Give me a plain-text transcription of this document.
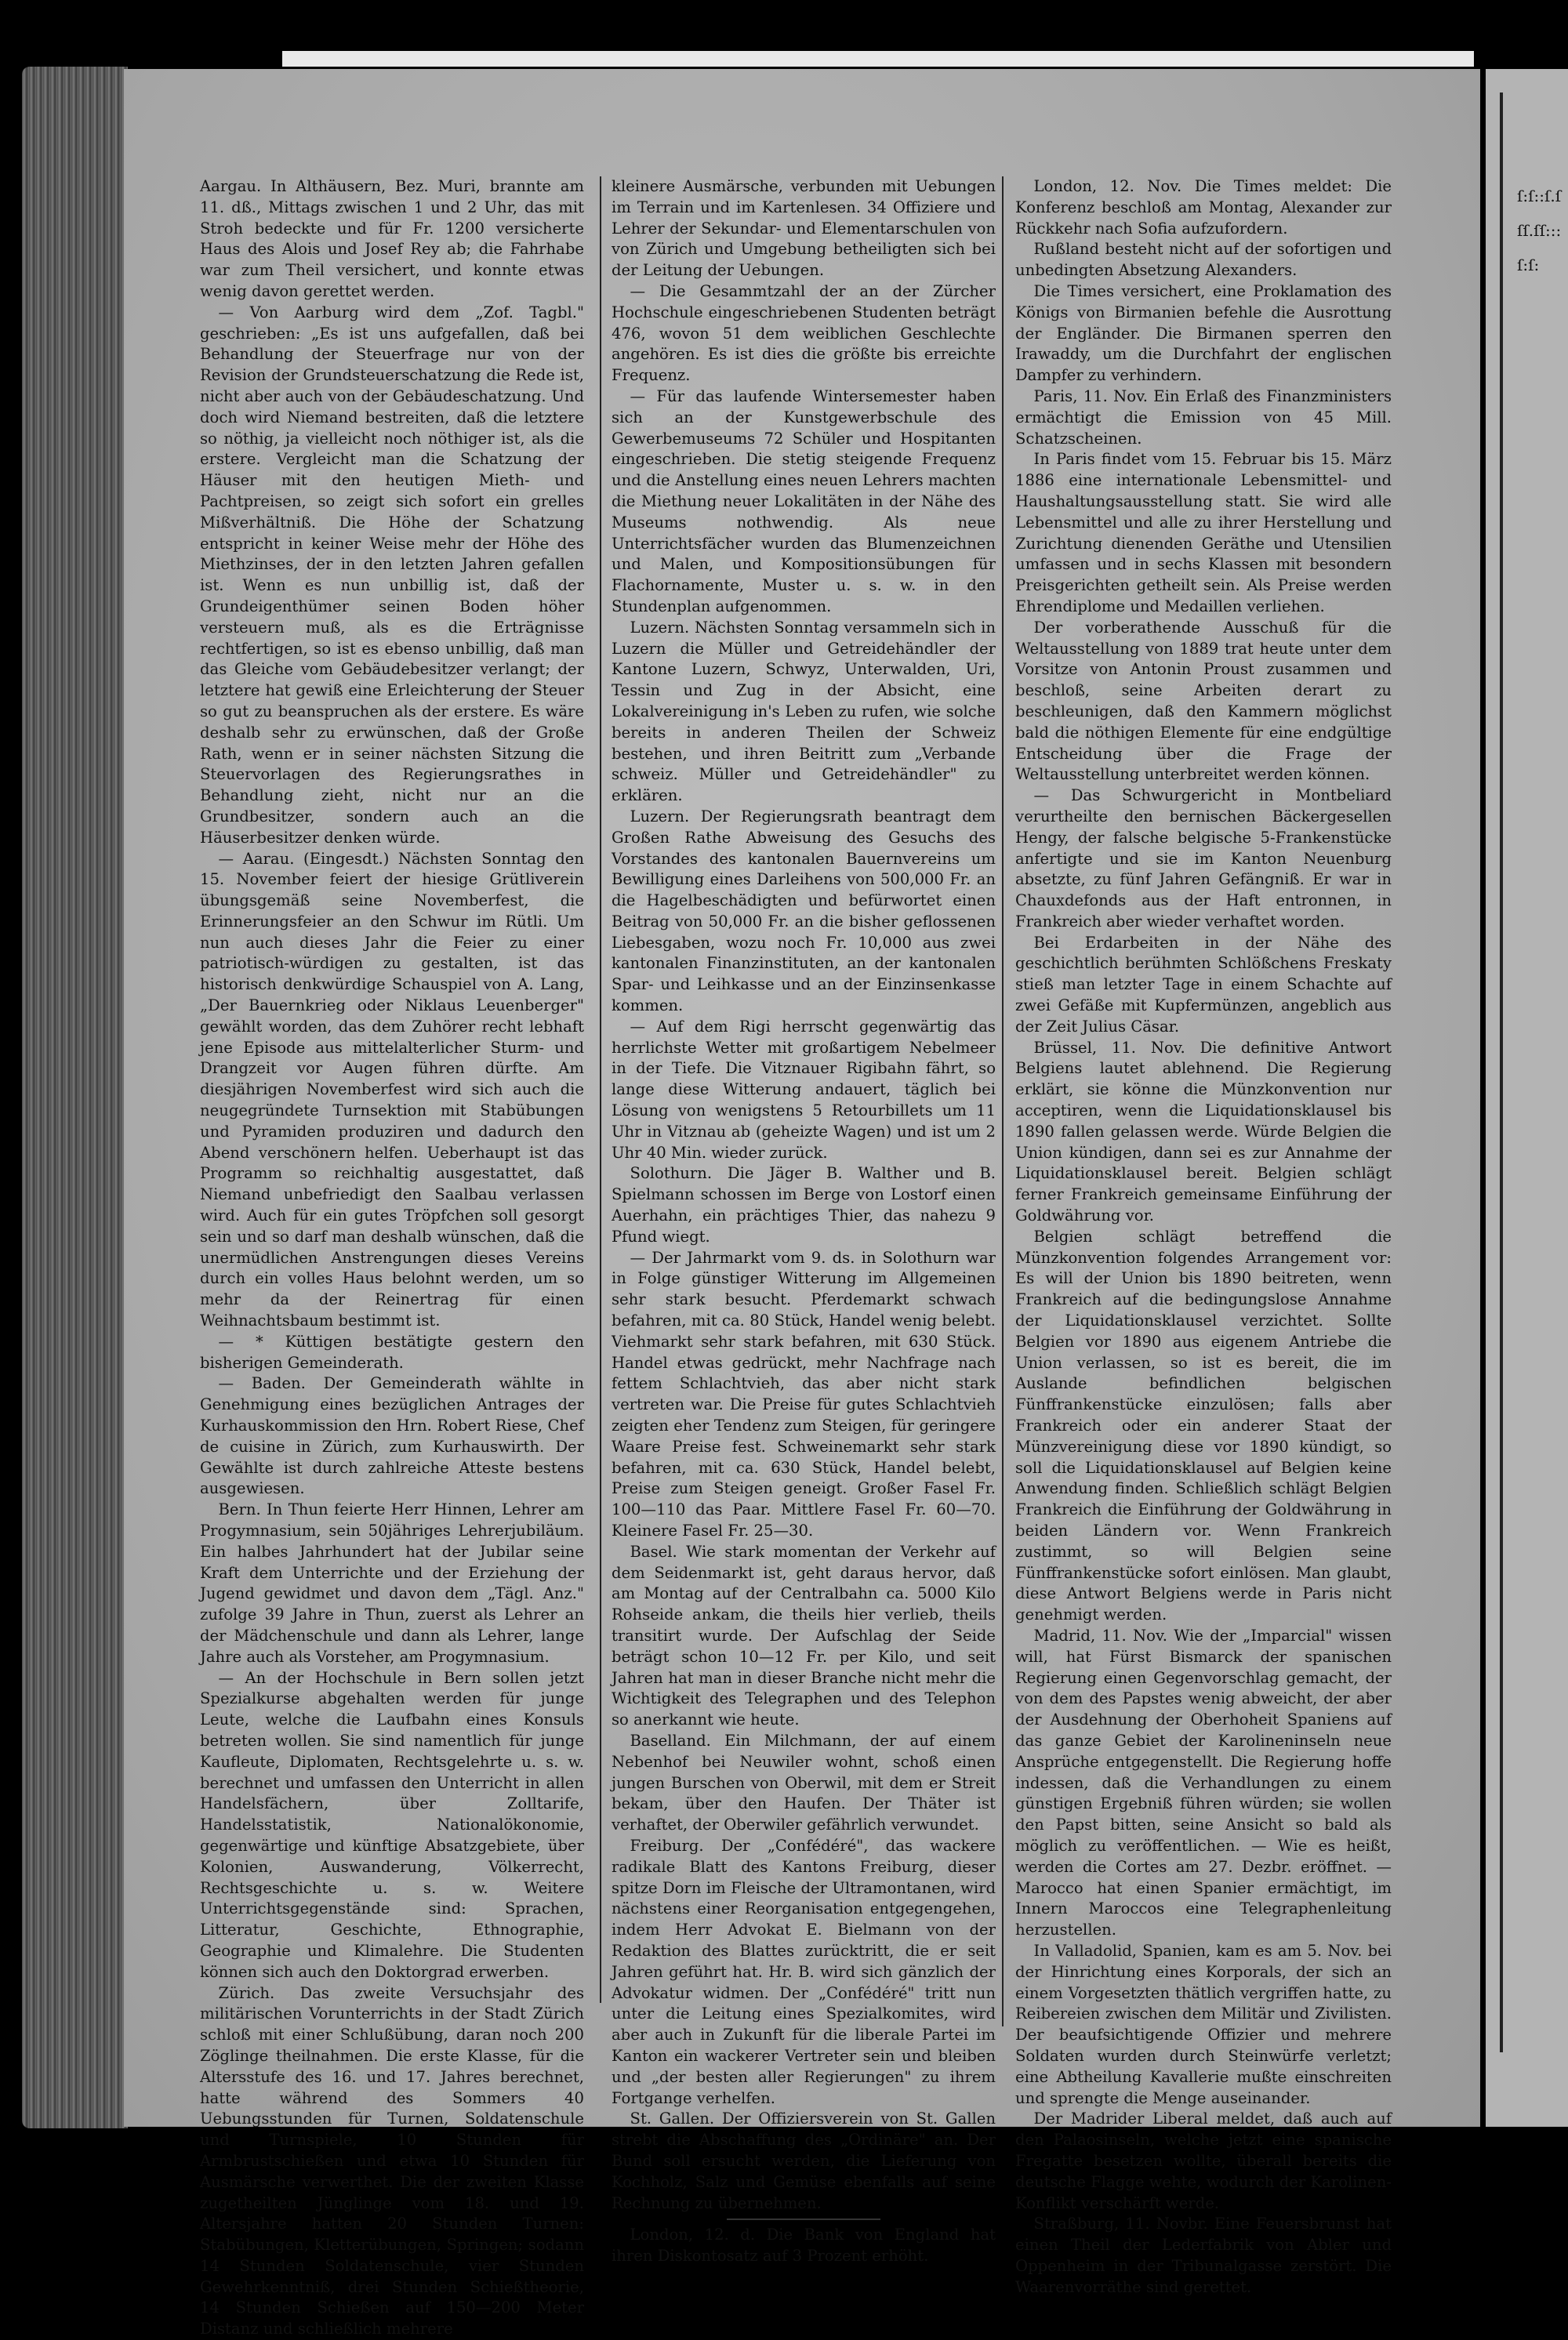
ſ:ſ::ſ.ſſſ.ſſ:::ſ:ſ:

Aargau. In Althäusern, Bez. Muri, brannte am 11. dß., Mittags zwischen 1 und 2 Uhr, das mit Stroh bedeckte und für Fr. 1200 versicherte Haus des Alois und Josef Rey ab; die Fahrhabe war zum Theil versichert, und konnte etwas wenig davon gerettet werden.

— Von Aarburg wird dem „Zof. Tagbl." geschrieben: „Es ist uns aufgefallen, daß bei Behandlung der Steuerfrage nur von der Revision der Grundsteuerschatzung die Rede ist, nicht aber auch von der Gebäudeschatzung. Und doch wird Niemand bestreiten, daß die letztere so nöthig, ja vielleicht noch nöthiger ist, als die erstere. Vergleicht man die Schatzung der Häuser mit den heutigen Mieth- und Pachtpreisen, so zeigt sich sofort ein grelles Mißverhältniß. Die Höhe der Schatzung entspricht in keiner Weise mehr der Höhe des Miethzinses, der in den letzten Jahren gefallen ist. Wenn es nun unbillig ist, daß der Grundeigenthümer seinen Boden höher versteuern muß, als es die Erträgnisse rechtfertigen, so ist es ebenso unbillig, daß man das Gleiche vom Gebäudebesitzer verlangt; der letztere hat gewiß eine Erleichterung der Steuer so gut zu beanspruchen als der erstere. Es wäre deshalb sehr zu erwünschen, daß der Große Rath, wenn er in seiner nächsten Sitzung die Steuervorlagen des Regierungsrathes in Behandlung zieht, nicht nur an die Grundbesitzer, sondern auch an die Häuserbesitzer denken würde.

— Aarau. (Eingesdt.) Nächsten Sonntag den 15. November feiert der hiesige Grütliverein übungsgemäß seine Novemberfest, die Erinnerungsfeier an den Schwur im Rütli. Um nun auch dieses Jahr die Feier zu einer patriotisch-würdigen zu gestalten, ist das historisch denkwürdige Schauspiel von A. Lang, „Der Bauernkrieg oder Niklaus Leuenberger" gewählt worden, das dem Zuhörer recht lebhaft jene Episode aus mittelalterlicher Sturm- und Drangzeit vor Augen führen dürfte. Am diesjährigen Novemberfest wird sich auch die neugegründete Turnsektion mit Stabübungen und Pyramiden produziren und dadurch den Abend verschönern helfen. Ueberhaupt ist das Programm so reichhaltig ausgestattet, daß Niemand unbefriedigt den Saalbau verlassen wird. Auch für ein gutes Tröpfchen soll gesorgt sein und so darf man deshalb wünschen, daß die unermüdlichen Anstrengungen dieses Vereins durch ein volles Haus belohnt werden, um so mehr da der Reinertrag für einen Weihnachtsbaum bestimmt ist.

— * Küttigen bestätigte gestern den bisherigen Gemeinderath.

— Baden. Der Gemeinderath wählte in Genehmigung eines bezüglichen Antrages der Kurhauskommission den Hrn. Robert Riese, Chef de cuisine in Zürich, zum Kurhauswirth. Der Gewählte ist durch zahlreiche Atteste bestens ausgewiesen.

Bern. In Thun feierte Herr Hinnen, Lehrer am Progymnasium, sein 50jähriges Lehrerjubiläum. Ein halbes Jahrhundert hat der Jubilar seine Kraft dem Unterrichte und der Erziehung der Jugend gewidmet und davon dem „Tägl. Anz." zufolge 39 Jahre in Thun, zuerst als Lehrer an der Mädchenschule und dann als Lehrer, lange Jahre auch als Vorsteher, am Progymnasium.

— An der Hochschule in Bern sollen jetzt Spezialkurse abgehalten werden für junge Leute, welche die Laufbahn eines Konsuls betreten wollen. Sie sind namentlich für junge Kaufleute, Diplomaten, Rechtsgelehrte u. s. w. berechnet und umfassen den Unterricht in allen Handelsfächern, über Zolltarife, Handelsstatistik, Nationalökonomie, gegenwärtige und künftige Absatzgebiete, über Kolonien, Auswanderung, Völkerrecht, Rechtsgeschichte u. s. w. Weitere Unterrichtsgegenstände sind: Sprachen, Litteratur, Geschichte, Ethnographie, Geographie und Klimalehre. Die Studenten können sich auch den Doktorgrad erwerben.

Zürich. Das zweite Versuchsjahr des militärischen Vorunterrichts in der Stadt Zürich schloß mit einer Schlußübung, daran noch 200 Zöglinge theilnahmen. Die erste Klasse, für die Altersstufe des 16. und 17. Jahres berechnet, hatte während des Sommers 40 Uebungsstunden für Turnen, Soldatenschule und Turnspiele, 10 Stunden für Armbrustschießen und etwa 10 Stunden für Ausmärsche verwerthet. Die der zweiten Klasse zugetheilten Jünglinge vom 18. und 19. Altersjahre hatten 20 Stunden Turnen: Stabübungen, Kletterübungen, Springen; sodann 14 Stunden Soldatenschule, vier Stunden Gewehrkenntniß, drei Stunden Schießtheorie, 14 Stunden Schießen auf 150—200 Meter Distanz und schließlich mehrere

kleinere Ausmärsche, verbunden mit Uebungen im Terrain und im Kartenlesen. 34 Offiziere und Lehrer der Sekundar- und Elementarschulen von von Zürich und Umgebung betheiligten sich bei der Leitung der Uebungen.

— Die Gesammtzahl der an der Zürcher Hochschule eingeschriebenen Studenten beträgt 476, wovon 51 dem weiblichen Geschlechte angehören. Es ist dies die größte bis erreichte Frequenz.

— Für das laufende Wintersemester haben sich an der Kunstgewerbschule des Gewerbemuseums 72 Schüler und Hospitanten eingeschrieben. Die stetig steigende Frequenz und die Anstellung eines neuen Lehrers machten die Miethung neuer Lokalitäten in der Nähe des Museums nothwendig. Als neue Unterrichtsfächer wurden das Blumenzeichnen und Malen, und Kompositionsübungen für Flachornamente, Muster u. s. w. in den Stundenplan aufgenommen.

Luzern. Nächsten Sonntag versammeln sich in Luzern die Müller und Getreidehändler der Kantone Luzern, Schwyz, Unterwalden, Uri, Tessin und Zug in der Absicht, eine Lokalvereinigung in's Leben zu rufen, wie solche bereits in anderen Theilen der Schweiz bestehen, und ihren Beitritt zum „Verbande schweiz. Müller und Getreidehändler" zu erklären.

Luzern. Der Regierungsrath beantragt dem Großen Rathe Abweisung des Gesuchs des Vorstandes des kantonalen Bauernvereins um Bewilligung eines Darleihens von 500,000 Fr. an die Hagelbeschädigten und befürwortet einen Beitrag von 50,000 Fr. an die bisher geflossenen Liebesgaben, wozu noch Fr. 10,000 aus zwei kantonalen Finanzinstituten, an der kantonalen Spar- und Leihkasse und an der Einzinsenkasse kommen.

— Auf dem Rigi herrscht gegenwärtig das herrlichste Wetter mit großartigem Nebelmeer in der Tiefe. Die Vitznauer Rigibahn fährt, so lange diese Witterung andauert, täglich bei Lösung von wenigstens 5 Retourbillets um 11 Uhr in Vitznau ab (geheizte Wagen) und ist um 2 Uhr 40 Min. wieder zurück.

Solothurn. Die Jäger B. Walther und B. Spielmann schossen im Berge von Lostorf einen Auerhahn, ein prächtiges Thier, das nahezu 9 Pfund wiegt.

— Der Jahrmarkt vom 9. ds. in Solothurn war in Folge günstiger Witterung im Allgemeinen sehr stark besucht. Pferdemarkt schwach befahren, mit ca. 80 Stück, Handel wenig belebt. Viehmarkt sehr stark befahren, mit 630 Stück. Handel etwas gedrückt, mehr Nachfrage nach fettem Schlachtvieh, das aber nicht stark vertreten war. Die Preise für gutes Schlachtvieh zeigten eher Tendenz zum Steigen, für geringere Waare Preise fest. Schweinemarkt sehr stark befahren, mit ca. 630 Stück, Handel belebt, Preise zum Steigen geneigt. Großer Fasel Fr. 100—110 das Paar. Mittlere Fasel Fr. 60—70. Kleinere Fasel Fr. 25—30.

Basel. Wie stark momentan der Verkehr auf dem Seidenmarkt ist, geht daraus hervor, daß am Montag auf der Centralbahn ca. 5000 Kilo Rohseide ankam, die theils hier verlieb, theils transitirt wurde. Der Aufschlag der Seide beträgt schon 10—12 Fr. per Kilo, und seit Jahren hat man in dieser Branche nicht mehr die Wichtigkeit des Telegraphen und des Telephon so anerkannt wie heute.

Baselland. Ein Milchmann, der auf einem Nebenhof bei Neuwiler wohnt, schoß einen jungen Burschen von Oberwil, mit dem er Streit bekam, über den Haufen. Der Thäter ist verhaftet, der Oberwiler gefährlich verwundet.

Freiburg. Der „Confédéré", das wackere radikale Blatt des Kantons Freiburg, dieser spitze Dorn im Fleische der Ultramontanen, wird nächstens einer Reorganisation entgegengehen, indem Herr Advokat E. Bielmann von der Redaktion des Blattes zurücktritt, die er seit Jahren geführt hat. Hr. B. wird sich gänzlich der Advokatur widmen. Der „Confédéré" tritt nun unter die Leitung eines Spezialkomites, wird aber auch in Zukunft für die liberale Partei im Kanton ein wackerer Vertreter sein und bleiben und „der besten aller Regierungen" zu ihrem Fortgange verhelfen.

St. Gallen. Der Offiziersverein von St. Gallen strebt die Abschaffung des „Ordinäre" an. Der Bund soll ersucht werden, die Lieferung von Kochholz, Salz und Gemüse ebenfalls auf seine Rechnung zu übernehmen.

London, 12. d. Die Bank von England hat ihren Diskontosatz auf 3 Prozent erhöht.

London, 12. Nov. Die Times meldet: Die Konferenz beschloß am Montag, Alexander zur Rückkehr nach Sofia aufzufordern.

Rußland besteht nicht auf der sofortigen und unbedingten Absetzung Alexanders.

Die Times versichert, eine Proklamation des Königs von Birmanien befehle die Ausrottung der Engländer. Die Birmanen sperren den Irawaddy, um die Durchfahrt der englischen Dampfer zu verhindern.

Paris, 11. Nov. Ein Erlaß des Finanzministers ermächtigt die Emission von 45 Mill. Schatzscheinen.

In Paris findet vom 15. Februar bis 15. März 1886 eine internationale Lebensmittel- und Haushaltungsausstellung statt. Sie wird alle Lebensmittel und alle zu ihrer Herstellung und Zurichtung dienenden Geräthe und Utensilien umfassen und in sechs Klassen mit besondern Preisgerichten getheilt sein. Als Preise werden Ehrendiplome und Medaillen verliehen.

Der vorberathende Ausschuß für die Weltausstellung von 1889 trat heute unter dem Vorsitze von Antonin Proust zusammen und beschloß, seine Arbeiten derart zu beschleunigen, daß den Kammern möglichst bald die nöthigen Elemente für eine endgültige Entscheidung über die Frage der Weltausstellung unterbreitet werden können.

— Das Schwurgericht in Montbeliard verurtheilte den bernischen Bäckergesellen Hengy, der falsche belgische 5-Frankenstücke anfertigte und sie im Kanton Neuenburg absetzte, zu fünf Jahren Gefängniß. Er war in Chauxdefonds aus der Haft entronnen, in Frankreich aber wieder verhaftet worden.

Bei Erdarbeiten in der Nähe des geschichtlich berühmten Schlößchens Freskaty stieß man letzter Tage in einem Schachte auf zwei Gefäße mit Kupfermünzen, angeblich aus der Zeit Julius Cäsar.

Brüssel, 11. Nov. Die definitive Antwort Belgiens lautet ablehnend. Die Regierung erklärt, sie könne die Münzkonvention nur acceptiren, wenn die Liquidationsklausel bis 1890 fallen gelassen werde. Würde Belgien die Union kündigen, dann sei es zur Annahme der Liquidationsklausel bereit. Belgien schlägt ferner Frankreich gemeinsame Einführung der Goldwährung vor.

Belgien schlägt betreffend die Münzkonvention folgendes Arrangement vor: Es will der Union bis 1890 beitreten, wenn Frankreich auf die bedingungslose Annahme der Liquidationsklausel verzichtet. Sollte Belgien vor 1890 aus eigenem Antriebe die Union verlassen, so ist es bereit, die im Auslande befindlichen belgischen Fünffrankenstücke einzulösen; falls aber Frankreich oder ein anderer Staat der Münzvereinigung diese vor 1890 kündigt, so soll die Liquidationsklausel auf Belgien keine Anwendung finden. Schließlich schlägt Belgien Frankreich die Einführung der Goldwährung in beiden Ländern vor. Wenn Frankreich zustimmt, so will Belgien seine Fünffrankenstücke sofort einlösen. Man glaubt, diese Antwort Belgiens werde in Paris nicht genehmigt werden.

Madrid, 11. Nov. Wie der „Imparcial" wissen will, hat Fürst Bismarck der spanischen Regierung einen Gegenvorschlag gemacht, der von dem des Papstes wenig abweicht, der aber der Ausdehnung der Oberhoheit Spaniens auf das ganze Gebiet der Karolineninseln neue Ansprüche entgegenstellt. Die Regierung hoffe indessen, daß die Verhandlungen zu einem günstigen Ergebniß führen würden; sie wollen den Papst bitten, seine Ansicht so bald als möglich zu veröffentlichen. — Wie es heißt, werden die Cortes am 27. Dezbr. eröffnet. — Marocco hat einen Spanier ermächtigt, im Innern Maroccos eine Telegraphenleitung herzustellen.

In Valladolid, Spanien, kam es am 5. Nov. bei der Hinrichtung eines Korporals, der sich an einem Vorgesetzten thätlich vergriffen hatte, zu Reibereien zwischen dem Militär und Zivilisten. Der beaufsichtigende Offizier und mehrere Soldaten wurden durch Steinwürfe verletzt; eine Abtheilung Kavallerie mußte einschreiten und sprengte die Menge auseinander.

Der Madrider Liberal meldet, daß auch auf den Palaosinseln, welche jetzt eine spanische Fregatte besetzen wollte, überall bereits die deutsche Flagge wehte, wodurch der Karolinen-Konflikt verschärft werde.

Straßburg, 11. Novbr. Eine Feuersbrunst hat einen Theil der Lederfabrik von Abler und Oppenheim in der Tribunalgasse zerstört. Die Waarenvorräthe sind gerettet.
